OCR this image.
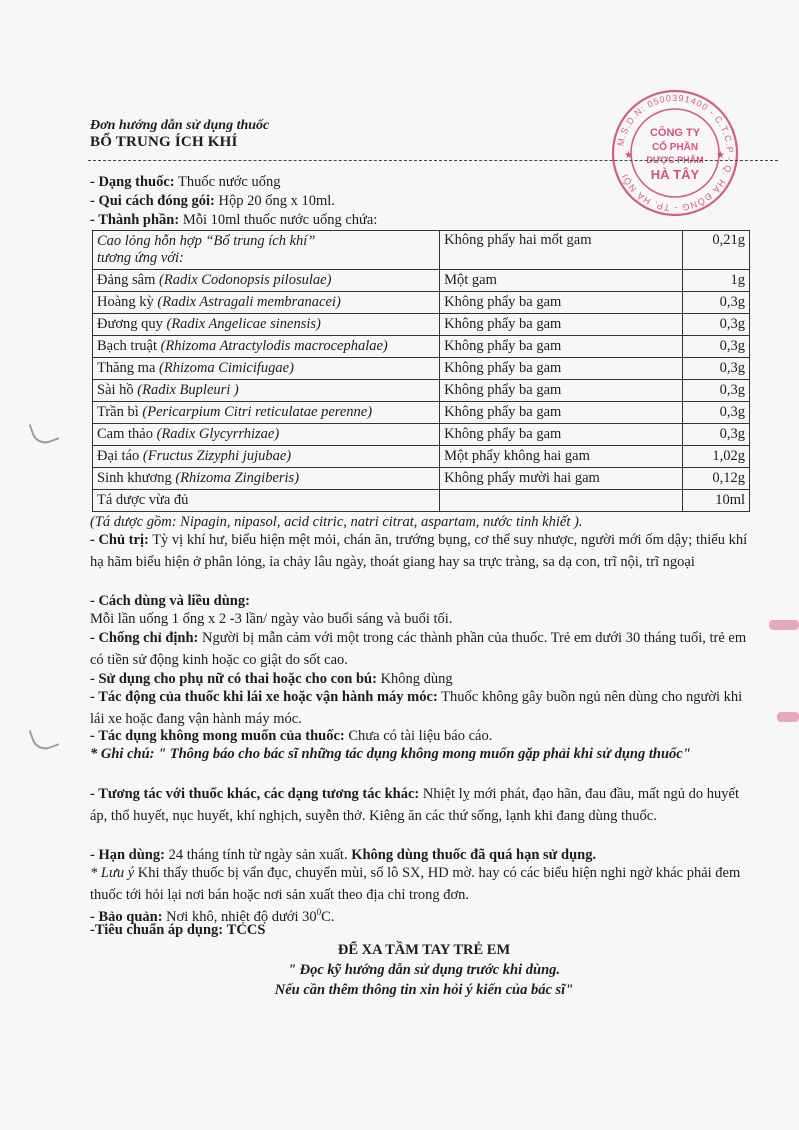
Đơn hướng dẫn sử dụng thuốc
BỔ TRUNG ÍCH KHÍ	M.S.D.N: 0500391400 - C.T.C.P - Q. HÀ ĐÔNG - TP. HÀ NỘI
CÔNG TY
CỔ PHẦN
DƯỢC PHẨM
HÀ TÂY
★	★
- Dạng thuốc: Thuốc nước uống
- Qui cách đóng gói: Hộp 20 ống x 10ml.
- Thành phần: Mỗi 10ml thuốc nước uống chứa:
Cao lỏng hỗn hợp “Bổ trung ích khí”
tương ứng với:	Không phẩy hai mốt gam	0,21g
Đảng sâm (Radix Codonopsis pilosulae)	Một gam	1g
Hoàng kỳ (Radix Astragali membranacei)	Không phẩy ba gam	0,3g
Đương quy (Radix Angelicae sinensis)	Không phẩy ba gam	0,3g
Bạch truật (Rhizoma Atractylodis macrocephalae)	Không phẩy ba gam	0,3g
Thăng ma (Rhizoma Cimicifugae)	Không phẩy ba gam	0,3g
Sài hồ (Radix Bupleuri )	Không phẩy ba gam	0,3g
Trần bì (Pericarpium Citri reticulatae perenne)	Không phẩy ba gam	0,3g
Cam thảo (Radix Glycyrrhizae)	Không phẩy ba gam	0,3g
Đại táo (Fructus Zizyphi jujubae)	Một phẩy không hai gam	1,02g
Sinh khương (Rhizoma Zingiberis)	Không phẩy mười hai gam	0,12g
Tá dược vừa đủ		10ml
(Tá dược gồm: Nipagin, nipasol, acid citric, natri citrat, aspartam, nước tinh khiết ).
- Chủ trị: Tỳ vị khí hư, biểu hiện mệt mỏi, chán ăn, trướng bụng, cơ thể suy nhược, người mới ốm dậy; thiểu khí hạ hãm biểu hiện ở phân lỏng, ỉa chảy lâu ngày, thoát giang hay sa trực tràng, sa dạ con, trĩ nội, trĩ ngoại
- Cách dùng và liều dùng:
Mỗi lần uống 1 ống x 2 -3 lần/ ngày vào buổi sáng và buổi tối.
- Chống chỉ định: Người bị mẫn cảm với một trong các thành phần của thuốc. Trẻ em dưới 30 tháng tuổi, trẻ em có tiền sử động kinh hoặc co giật do sốt cao.
- Sử dụng cho phụ nữ có thai hoặc cho con bú: Không dùng
- Tác động của thuốc khi lái xe hoặc vận hành máy móc: Thuốc không gây buồn ngủ nên dùng cho người khi lái xe hoặc đang vận hành máy móc.
- Tác dụng không mong muốn của thuốc: Chưa có tài liệu báo cáo.
* Ghi chú: " Thông báo cho bác sĩ những tác dụng không mong muốn gặp phải khi sử dụng thuốc"
- Tương tác với thuốc khác, các dạng tương tác khác: Nhiệt lỵ mới phát, đạo hãn, đau đầu, mất ngủ do huyết áp, thổ huyết, nục huyết, khí nghịch, suyễn thở. Kiêng ăn các thứ sống, lạnh khi đang dùng thuốc.
- Hạn dùng: 24 tháng tính từ ngày sản xuất. Không dùng thuốc đã quá hạn sử dụng.
* Lưu ý Khi thấy thuốc bị vẩn đục, chuyển mùi, số lô SX, HD mờ. hay có các biểu hiện nghi ngờ khác phải đem thuốc tới hỏi lại nơi bán hoặc nơi sản xuất theo địa chỉ trong đơn.
- Bảo quản: Nơi khô, nhiệt độ dưới $30^0C$.
-Tiêu chuẩn áp dụng: TCCS
ĐỂ XA TẦM TAY TRẺ EM
" Đọc kỹ hướng dẫn sử dụng trước khi dùng.
Nếu cần thêm thông tin xin hỏi ý kiến của bác sĩ"
